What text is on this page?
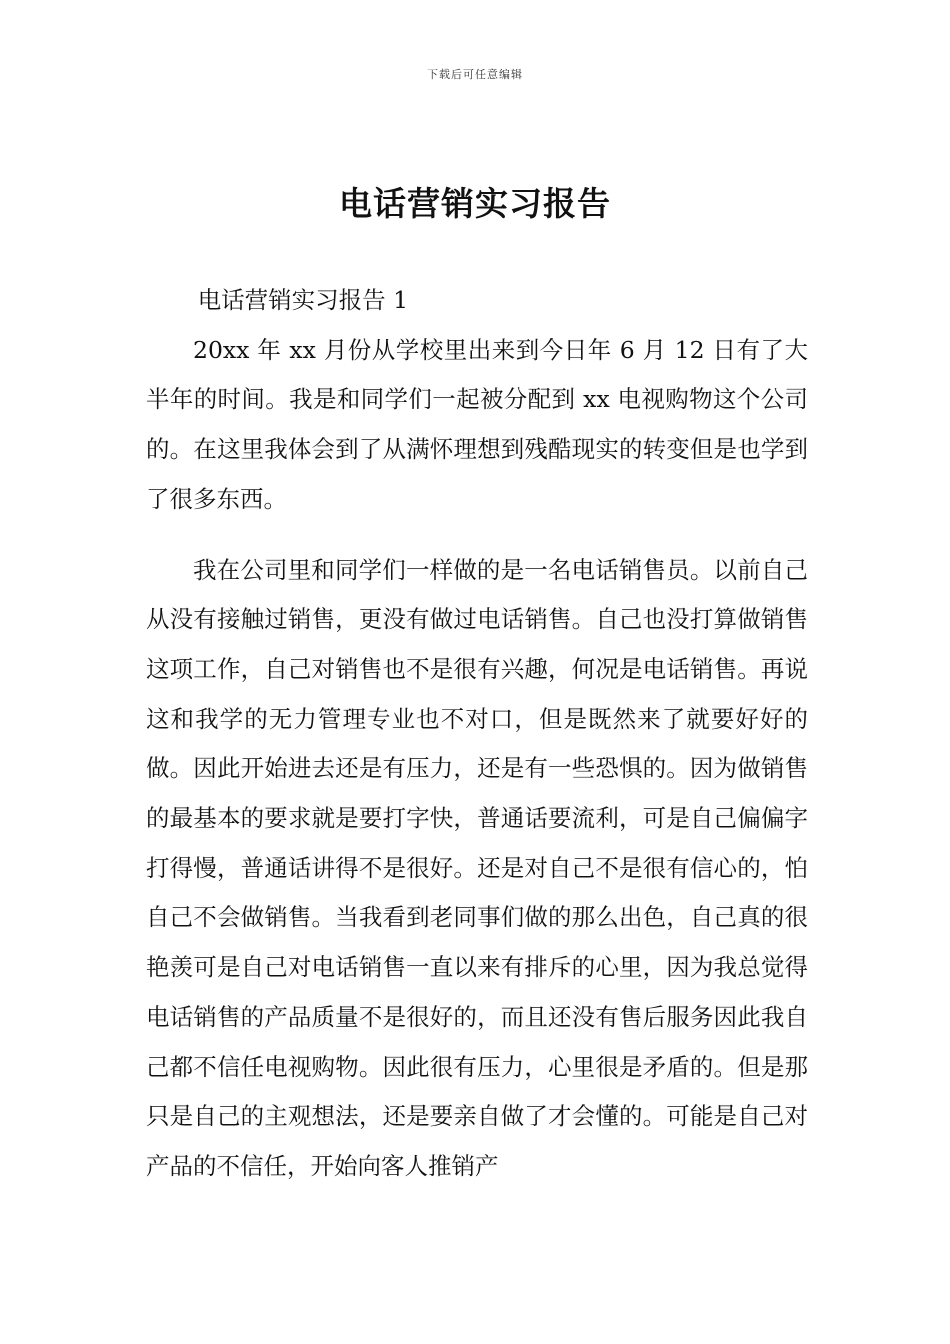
下载后可任意编辑
电话营销实习报告

电话营销实习报告 1

20xx 年 xx 月份从学校里出来到今日年 6 月 12 日有了大半年的时间。我是和同学们一起被分配到 xx 电视购物这个公司的。在这里我体会到了从满怀理想到残酷现实的转变但是也学到了很多东西。

我在公司里和同学们一样做的是一名电话销售员。以前自己从没有接触过销售，更没有做过电话销售。自己也没打算做销售这项工作，自己对销售也不是很有兴趣，何况是电话销售。再说这和我学的无力管理专业也不对口，但是既然来了就要好好的做。因此开始进去还是有压力，还是有一些恐惧的。因为做销售的最基本的要求就是要打字快，普通话要流利，可是自己偏偏字打得慢，普通话讲得不是很好。还是对自己不是很有信心的，怕自己不会做销售。当我看到老同事们做的那么出色，自己真的很艳羡可是自己对电话销售一直以来有排斥的心里，因为我总觉得电话销售的产品质量不是很好的，而且还没有售后服务因此我自己都不信任电视购物。因此很有压力，心里很是矛盾的。但是那只是自己的主观想法，还是要亲自做了才会懂的。可能是自己对产品的不信任，开始向客人推销产
